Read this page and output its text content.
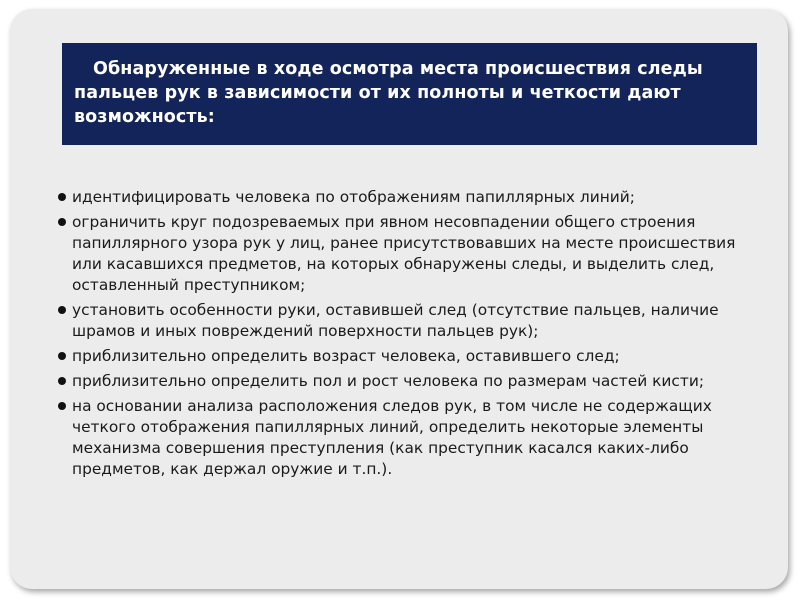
Обнаруженные в ходе осмотра места происшествия следы пальцев рук в зависимости от их полноты и четкости дают возможность:

идентифицировать человека по отображениям папиллярных линий;
ограничить круг подозреваемых при явном несовпадении общего строения папиллярного узора рук у лиц, ранее присутствовавших на месте происшествия или касавшихся предметов, на которых обнаружены следы, и выделить след, оставленный преступником;
установить особенности руки, оставившей след (отсутствие пальцев, наличие шрамов и иных повреждений поверхности пальцев рук);
приблизительно определить возраст человека, оставившего след;
приблизительно определить пол и рост человека по размерам частей кисти;
на основании анализа расположения следов рук, в том числе не содержащих четкого отображения папиллярных линий, определить некоторые элементы механизма совершения преступления (как преступник касался каких-либо предметов, как держал оружие и т.п.).
